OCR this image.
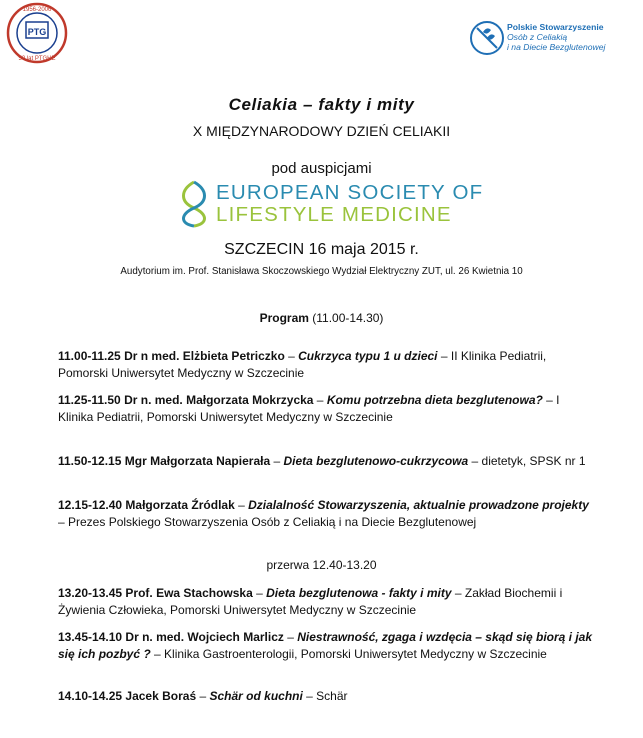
PTG
1956-2006
50 lat PTGHE
Polskie Stowarzyszenie
Osób z Celiakią
i na Diecie Bezglutenowej
Celiakia – fakty i mity
X MIĘDZYNARODOWY DZIEŃ CELIAKII
pod auspicjami
EUROPEAN SOCIETY OF
LIFESTYLE MEDICINE
SZCZECIN 16 maja 2015 r.
Audytorium im. Prof. Stanisława Skoczowskiego Wydział Elektryczny ZUT, ul. 26 Kwietnia 10
Program (11.00-14.30)
11.00-11.25 Dr n med. Elżbieta Petriczko – Cukrzyca typu 1 u dzieci – II Klinika Pediatrii, Pomorski Uniwersytet Medyczny w Szczecinie
11.25-11.50 Dr n. med. Małgorzata Mokrzycka – Komu potrzebna dieta bezglutenowa? – I Klinika Pediatrii, Pomorski Uniwersytet Medyczny w Szczecinie
11.50-12.15 Mgr Małgorzata Napierała – Dieta bezglutenowo-cukrzycowa – dietetyk, SPSK nr 1
12.15-12.40 Małgorzata Źródlak – Dzialalność Stowarzyszenia, aktualnie prowadzone projekty – Prezes Polskiego Stowarzyszenia Osób z Celiakią i na Diecie Bezglutenowej
przerwa 12.40-13.20
13.20-13.45 Prof. Ewa Stachowska – Dieta bezglutenowa - fakty i mity – Zakład Biochemii i Żywienia Człowieka, Pomorski Uniwersytet Medyczny w Szczecinie
13.45-14.10 Dr n. med. Wojciech Marlicz – Niestrawność, zgaga i wzdęcia – skąd się biorą i jak się ich pozbyć ? – Klinika Gastroenterologii, Pomorski Uniwersytet Medyczny w Szczecinie
14.10-14.25 Jacek Boraś – Schär od kuchni – Schär
